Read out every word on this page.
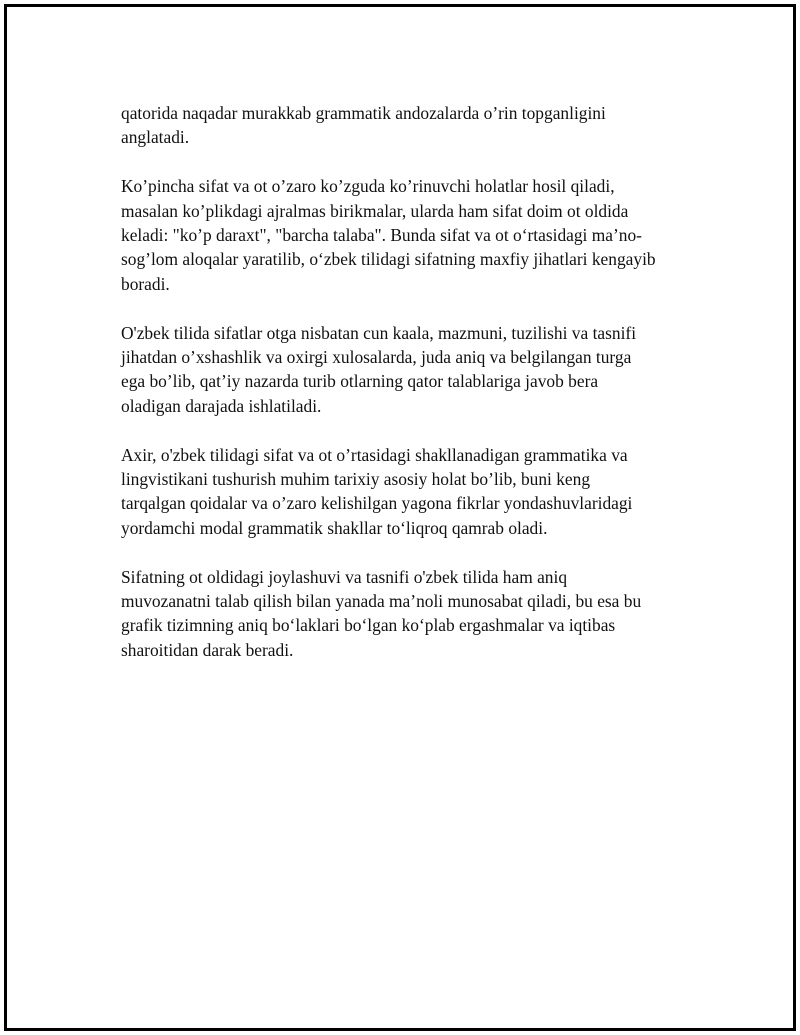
qatorida naqadar murakkab grammatik andozalarda o’rin topganligini
anglatadi.

Ko’pincha sifat va ot o’zaro ko’zguda ko’rinuvchi holatlar hosil qiladi,
masalan ko’plikdagi ajralmas birikmalar, ularda ham sifat doim ot oldida
keladi: "ko’p daraxt", "barcha talaba". Bunda sifat va ot o‘rtasidagi ma’no-
sog’lom aloqalar yaratilib, o‘zbek tilidagi sifatning maxfiy jihatlari kengayib
boradi.

O'zbek tilida sifatlar otga nisbatan cun kaala, mazmuni, tuzilishi va tasnifi
jihatdan o’xshashlik va oxirgi xulosalarda, juda aniq va belgilangan turga
ega bo’lib, qat’iy nazarda turib otlarning qator talablariga javob bera
oladigan darajada ishlatiladi.

Axir, o'zbek tilidagi sifat va ot o’rtasidagi shakllanadigan grammatika va
lingvistikani tushurish muhim tarixiy asosiy holat bo’lib, buni keng
tarqalgan qoidalar va o’zaro kelishilgan yagona fikrlar yondashuvlaridagi
yordamchi modal grammatik shakllar to‘liqroq qamrab oladi.

Sifatning ot oldidagi joylashuvi va tasnifi o'zbek tilida ham aniq
muvozanatni talab qilish bilan yanada ma’noli munosabat qiladi, bu esa bu
grafik tizimning aniq bo‘laklari bo‘lgan ko‘plab ergashmalar va iqtibas
sharoitidan darak beradi.
